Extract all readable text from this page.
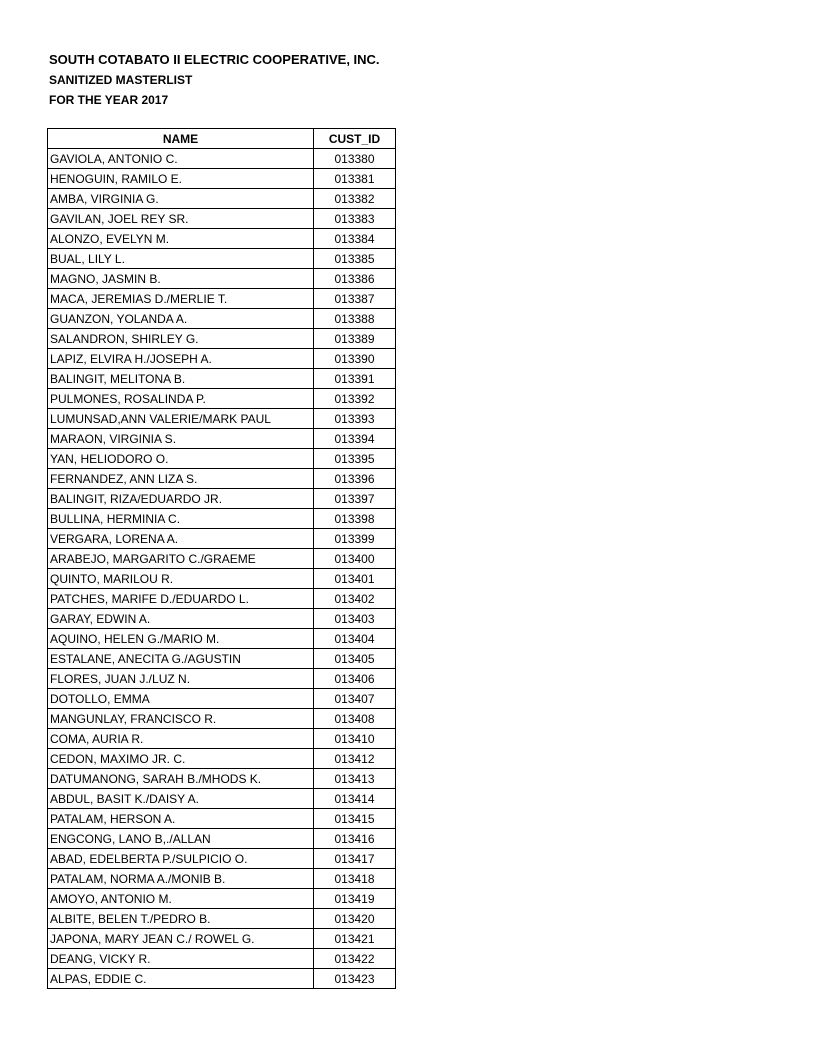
SOUTH COTABATO II ELECTRIC COOPERATIVE, INC.
SANITIZED MASTERLIST
FOR THE YEAR 2017
NAME	CUST_ID
GAVIOLA, ANTONIO C.	013380
HENOGUIN, RAMILO E.	013381
AMBA, VIRGINIA G.	013382
GAVILAN, JOEL REY SR.	013383
ALONZO, EVELYN M.	013384
BUAL, LILY L.	013385
MAGNO, JASMIN B.	013386
MACA, JEREMIAS D./MERLIE T.	013387
GUANZON, YOLANDA A.	013388
SALANDRON, SHIRLEY G.	013389
LAPIZ, ELVIRA H./JOSEPH A.	013390
BALINGIT, MELITONA B.	013391
PULMONES, ROSALINDA P.	013392
LUMUNSAD,ANN VALERIE/MARK PAUL	013393
MARAON, VIRGINIA S.	013394
YAN, HELIODORO O.	013395
FERNANDEZ, ANN LIZA S.	013396
BALINGIT, RIZA/EDUARDO JR.	013397
BULLINA, HERMINIA C.	013398
VERGARA, LORENA A.	013399
ARABEJO, MARGARITO C./GRAEME	013400
QUINTO, MARILOU R.	013401
PATCHES, MARIFE D./EDUARDO L.	013402
GARAY, EDWIN A.	013403
AQUINO, HELEN G./MARIO M.	013404
ESTALANE, ANECITA G./AGUSTIN	013405
FLORES, JUAN J./LUZ N.	013406
DOTOLLO, EMMA	013407
MANGUNLAY, FRANCISCO R.	013408
COMA, AURIA R.	013410
CEDON, MAXIMO JR. C.	013412
DATUMANONG, SARAH B./MHODS K.	013413
ABDUL, BASIT K./DAISY A.	013414
PATALAM, HERSON A.	013415
ENGCONG, LANO B,./ALLAN	013416
ABAD, EDELBERTA P./SULPICIO O.	013417
PATALAM, NORMA A./MONIB B.	013418
AMOYO, ANTONIO M.	013419
ALBITE, BELEN T./PEDRO B.	013420
JAPONA, MARY JEAN C./ ROWEL G.	013421
DEANG, VICKY R.	013422
ALPAS, EDDIE C.	013423
